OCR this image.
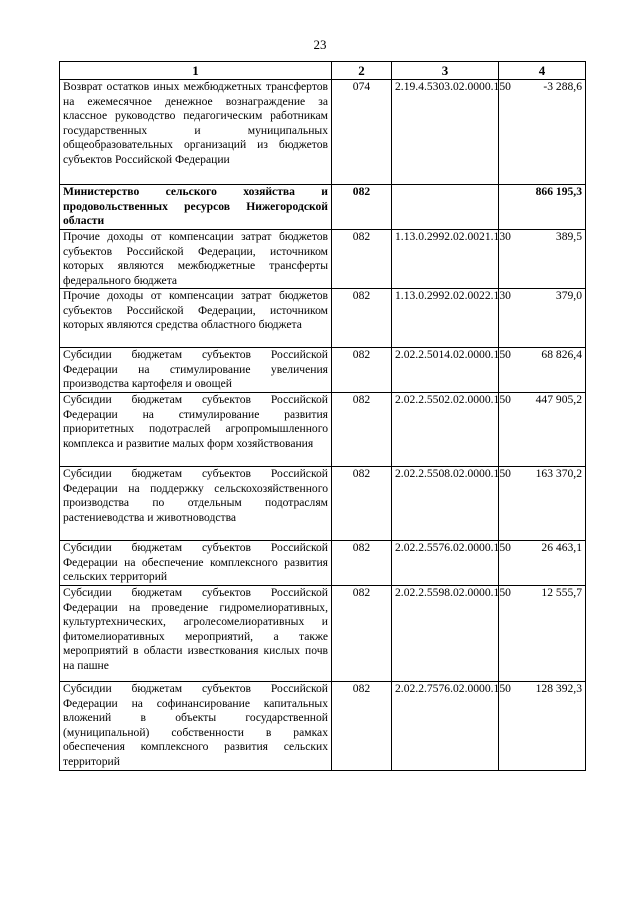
23
1	2	3	4
Возврат остатков иных межбюджетных трансфертов на ежемесячное денежное вознаграждение за классное руководство педагогическим работникам государственных и муниципальных общеобразовательных организаций из бюджетов субъектов Российской Федерации	074	2.19.4.5303.02.0000.150	-3 288,6
Министерство сельского хозяйства и продовольственных ресурсов Нижегородской области	082		866 195,3
Прочие доходы от компенсации затрат бюджетов субъектов Российской Федерации, источником которых являются межбюджетные трансферты федерального бюджета	082	1.13.0.2992.02.0021.130	389,5
Прочие доходы от компенсации затрат бюджетов субъектов Российской Федерации, источником которых являются средства областного бюджета	082	1.13.0.2992.02.0022.130	379,0
Субсидии бюджетам субъектов Российской Федерации на стимулирование увеличения производства картофеля и овощей	082	2.02.2.5014.02.0000.150	68 826,4
Субсидии бюджетам субъектов Российской Федерации на стимулирование развития приоритетных подотраслей агропромышленного комплекса и развитие малых форм хозяйствования	082	2.02.2.5502.02.0000.150	447 905,2
Субсидии бюджетам субъектов Российской Федерации на поддержку сельскохозяйственного производства по отдельным подотраслям растениеводства и животноводства	082	2.02.2.5508.02.0000.150	163 370,2
Субсидии бюджетам субъектов Российской Федерации на обеспечение комплексного развития сельских территорий	082	2.02.2.5576.02.0000.150	26 463,1
Субсидии бюджетам субъектов Российской Федерации на проведение гидромелиоративных, культуртехнических, агролесомелиоративных и фитомелиоративных мероприятий, а также мероприятий в области известкования кислых почв на пашне	082	2.02.2.5598.02.0000.150	12 555,7
Субсидии бюджетам субъектов Российской Федерации на софинансирование капитальных вложений в объекты государственной (муниципальной) собственности в рамках обеспечения комплексного развития сельских территорий	082	2.02.2.7576.02.0000.150	128 392,3
